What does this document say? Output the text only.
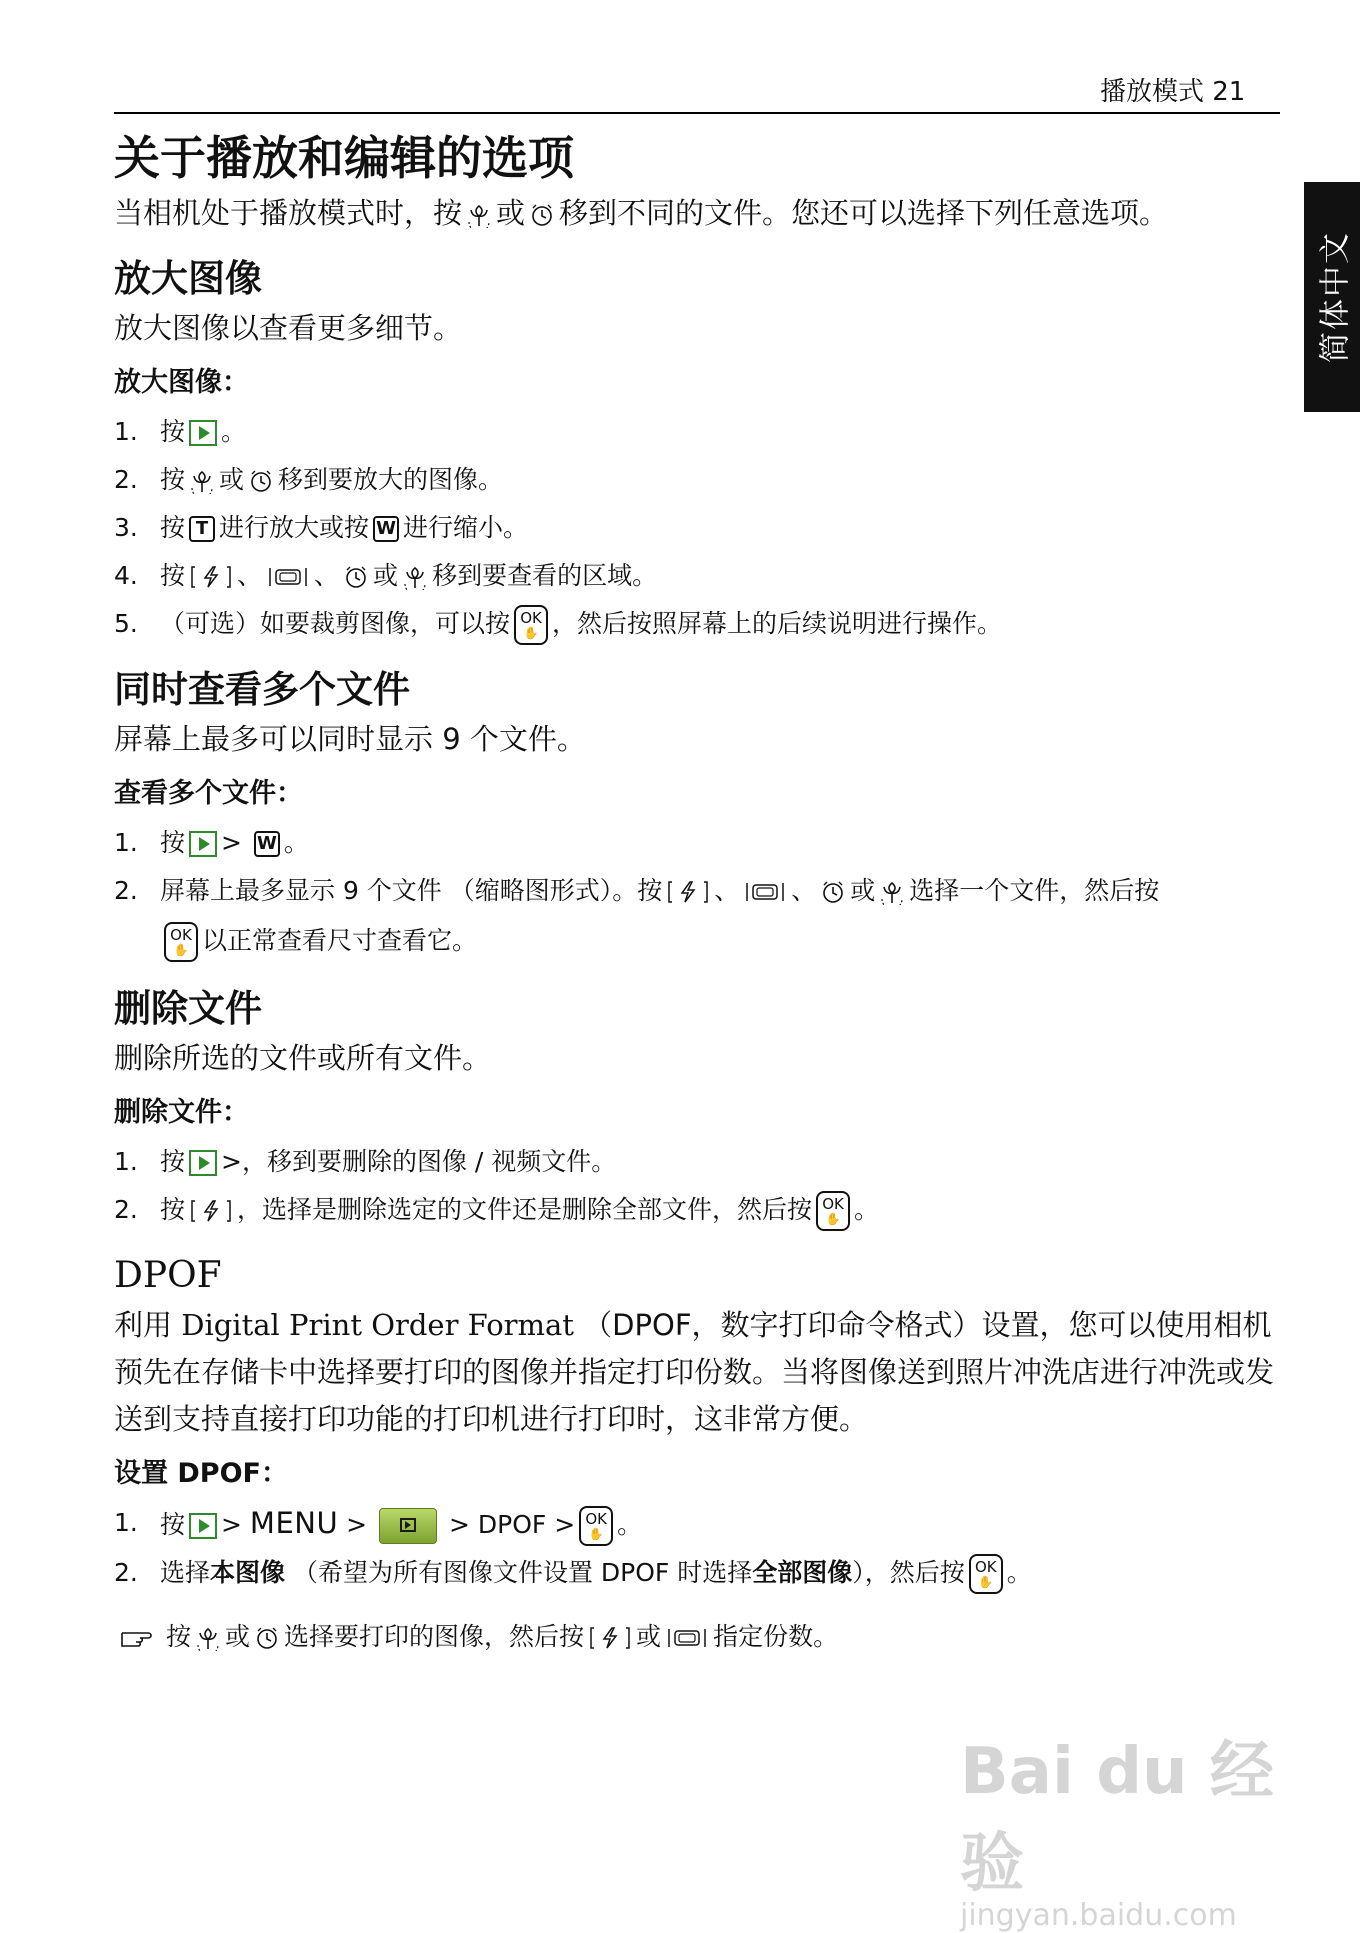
播放模式 21
简体中文
关于播放和编辑的选项

当相机处于播放模式时，按 或 移到不同的文件。您还可以选择下列任意选项。

放大图像

放大图像以查看更多细节。

放大图像：
1. 按 。
2. 按 或 移到要放大的图像。
3. 按 T 进行放大或按 W 进行缩小。
4. 按 、 、 或 移到要查看的区域。
5. （可选）如要裁剪图像，可以按 OK
✋ ，然后按照屏幕上的后续说明进行操作。
同时查看多个文件

屏幕上最多可以同时显示 9 个文件。

查看多个文件：
1. 按 > W 。
2. 屏幕上最多显示 9 个文件 （缩略图形式）。按 、 、 或 选择一个文件，然后按
OK
✋ 以正常查看尺寸查看它。
删除文件

删除所选的文件或所有文件。

删除文件：
1. 按 >，移到要删除的图像 / 视频文件。
2. 按 ，选择是删除选定的文件还是删除全部文件，然后按 OK
✋ 。
DPOF

利用 Digital Print Order Format （DPOF，数字打印命令格式）设置，您可以使用相机预先在存储卡中选择要打印的图像并指定打印份数。当将图像送到照片冲洗店进行冲洗或发送到支持直接打印功能的打印机进行打印时，这非常方便。

设置 DPOF：
1. 按 > MENU >	> DPOF > OK
✋ 。
2. 选择本图像 （希望为所有图像文件设置 DPOF 时选择全部图像），然后按 OK
✋ 。
按 或 选择要打印的图像，然后按 或 指定份数。
Bai du 经验
jingyan.baidu.com
